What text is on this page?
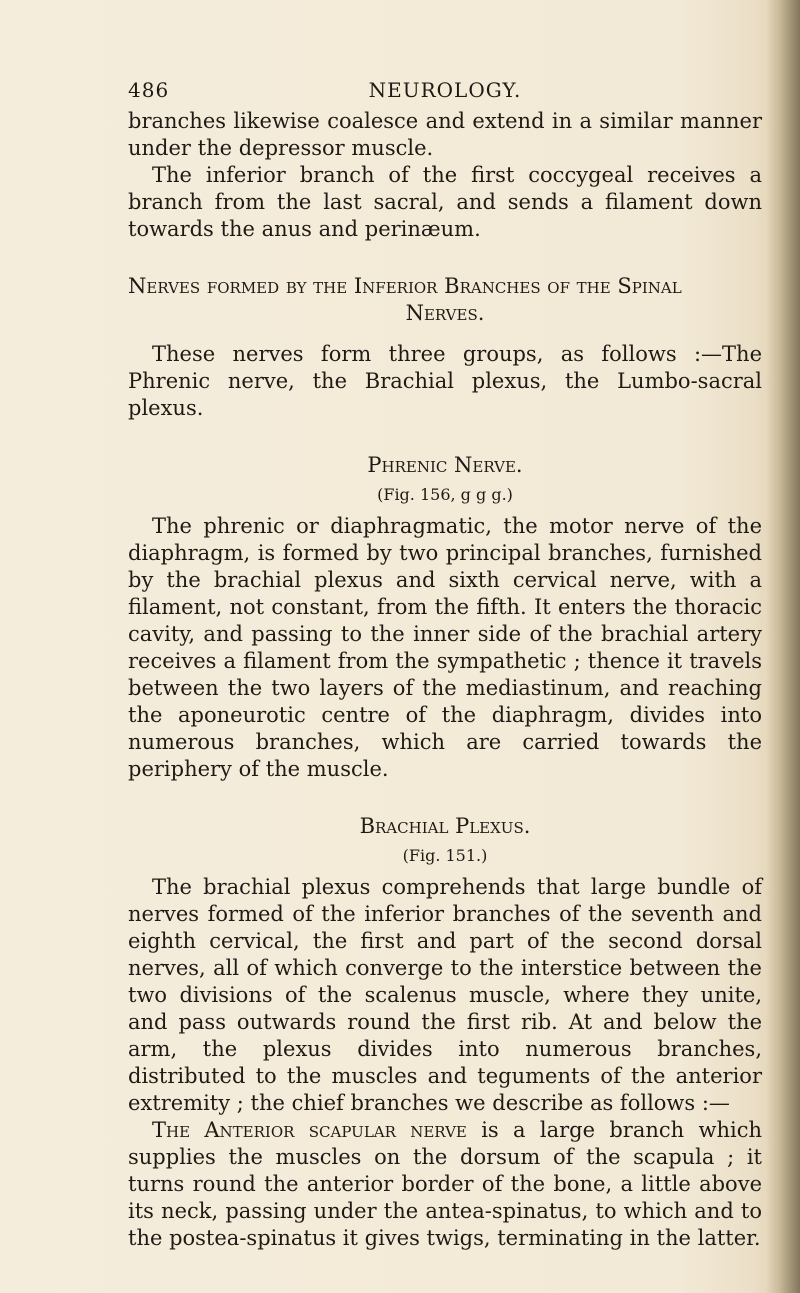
486	NEUROLOGY.

branches likewise coalesce and extend in a similar manner under the depressor muscle.

The inferior branch of the first coccygeal receives a branch from the last sacral, and sends a filament down towards the anus and perinæum.

Nerves formed by the Inferior Branches of the Spinal
Nerves.

These nerves form three groups, as follows :—The Phrenic nerve, the Brachial plexus, the Lumbo-sacral plexus.

Phrenic Nerve.
(Fig. 156, g g g.)

The phrenic or diaphragmatic, the motor nerve of the diaphragm, is formed by two principal branches, furnished by the brachial plexus and sixth cervical nerve, with a filament, not constant, from the fifth. It enters the thoracic cavity, and passing to the inner side of the brachial artery receives a filament from the sympathetic ; thence it travels between the two layers of the mediastinum, and reaching the aponeurotic centre of the diaphragm, divides into numerous branches, which are carried towards the periphery of the muscle.

Brachial Plexus.
(Fig. 151.)

The brachial plexus comprehends that large bundle of nerves formed of the inferior branches of the seventh and eighth cervical, the first and part of the second dorsal nerves, all of which converge to the interstice between the two divisions of the scalenus muscle, where they unite, and pass outwards round the first rib. At and below the arm, the plexus divides into numerous branches, distributed to the muscles and teguments of the anterior extremity ; the chief branches we describe as follows :—

The Anterior scapular nerve is a large branch which supplies the muscles on the dorsum of the scapula ; it turns round the anterior border of the bone, a little above its neck, passing under the antea-spinatus, to which and to the postea-spinatus it gives twigs, terminating in the latter.
